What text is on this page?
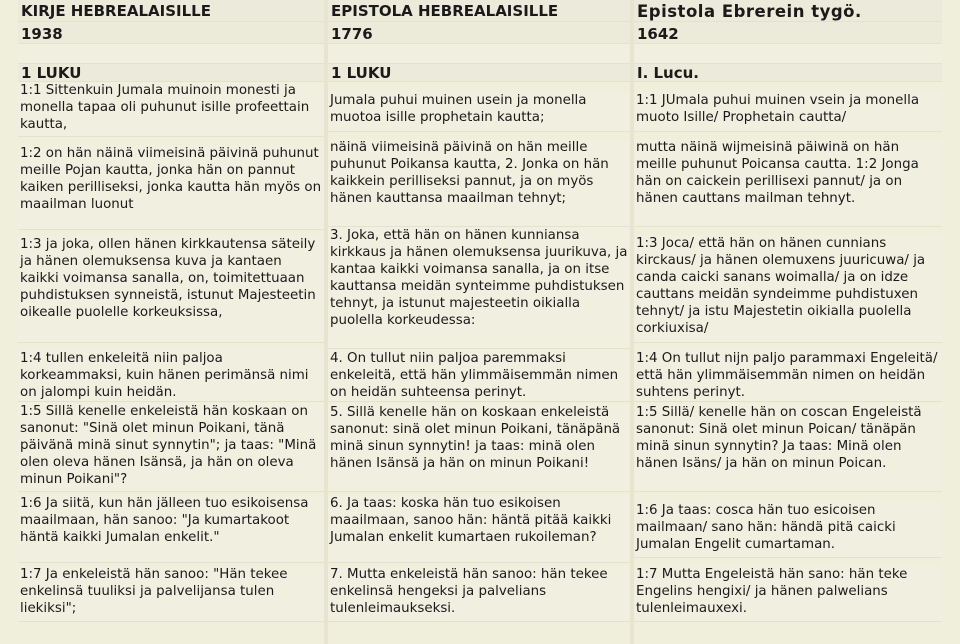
KIRJE HEBREALAISILLE
1938
1 LUKU
1:1 Sittenkuin Jumala muinoin monesti ja monella tapaa oli puhunut isille profeettain kautta,
1:2 on hän näinä viimeisinä päivinä puhunut meille Pojan kautta, jonka hän on pannut kaiken perilliseksi, jonka kautta hän myös on maailman luonut
1:3 ja joka, ollen hänen kirkkautensa säteily ja hänen olemuksensa kuva ja kantaen kaikki voimansa sanalla, on, toimitettuaan puhdistuksen synneistä, istunut Majesteetin oikealle puolelle korkeuksissa,
1:4 tullen enkeleitä niin paljoa korkeammaksi, kuin hänen perimänsä nimi on jalompi kuin heidän.
1:5 Sillä kenelle enkeleistä hän koskaan on sanonut: "Sinä olet minun Poikani, tänä päivänä minä sinut synnytin"; ja taas: "Minä olen oleva hänen Isänsä, ja hän on oleva minun Poikani"?
1:6 Ja siitä, kun hän jälleen tuo esikoisensa maailmaan, hän sanoo: "Ja kumartakoot häntä kaikki Jumalan enkelit."
1:7 Ja enkeleistä hän sanoo: "Hän tekee enkelinsä tuuliksi ja palvelijansa tulen liekiksi";
EPISTOLA HEBREALAISILLE
1776
1 LUKU
Jumala puhui muinen usein ja monella muotoa isille prophetain kautta;
näinä viimeisinä päivinä on hän meille puhunut Poikansa kautta, 2. Jonka on hän kaikkein perilliseksi pannut, ja on myös hänen kauttansa maailman tehnyt;
3. Joka, että hän on hänen kunniansa kirkkaus ja hänen olemuksensa juurikuva, ja kantaa kaikki voimansa sanalla, ja on itse kauttansa meidän synteimme puhdistuksen tehnyt, ja istunut majesteetin oikialla puolella korkeudessa:
4. On tullut niin paljoa paremmaksi enkeleitä, että hän ylimmäisemmän nimen on heidän suhteensa perinyt.
5. Sillä kenelle hän on koskaan enkeleistä sanonut: sinä olet minun Poikani, tänäpänä minä sinun synnytin! ja taas: minä olen hänen Isänsä ja hän on minun Poikani!
6. Ja taas: koska hän tuo esikoisen maailmaan, sanoo hän: häntä pitää kaikki Jumalan enkelit kumartaen rukoileman?
7. Mutta enkeleistä hän sanoo: hän tekee enkelinsä hengeksi ja palvelians tulenleimaukseksi.
Epistola Ebrerein tygö.
1642
I. Lucu.
1:1 JUmala puhui muinen vsein ja monella muoto Isille/ Prophetain cautta/
mutta näinä wijmeisinä päiwinä on hän meille puhunut Poicansa cautta. 1:2 Jonga hän on caickein perillisexi pannut/ ja on hänen cauttans mailman tehnyt.
1:3 Joca/ että hän on hänen cunnians kirckaus/ ja hänen olemuxens juuricuwa/ ja canda caicki sanans woimalla/ ja on idze cauttans meidän syndeimme puhdistuxen tehnyt/ ja istu Majestetin oikialla puolella corkiuxisa/
1:4 On tullut nijn paljo parammaxi Engeleitä/ että hän ylimmäisemmän nimen on heidän suhtens perinyt.
1:5 Sillä/ kenelle hän on coscan Engeleistä sanonut: Sinä olet minun Poican/ tänäpän minä sinun synnytin? Ja taas: Minä olen hänen Isäns/ ja hän on minun Poican.
1:6 Ja taas: cosca hän tuo esicoisen mailmaan/ sano hän: händä pitä caicki Jumalan Engelit cumartaman.
1:7 Mutta Engeleistä hän sano: hän teke Engelins hengixi/ ja hänen palwelians tulenleimauxexi.
